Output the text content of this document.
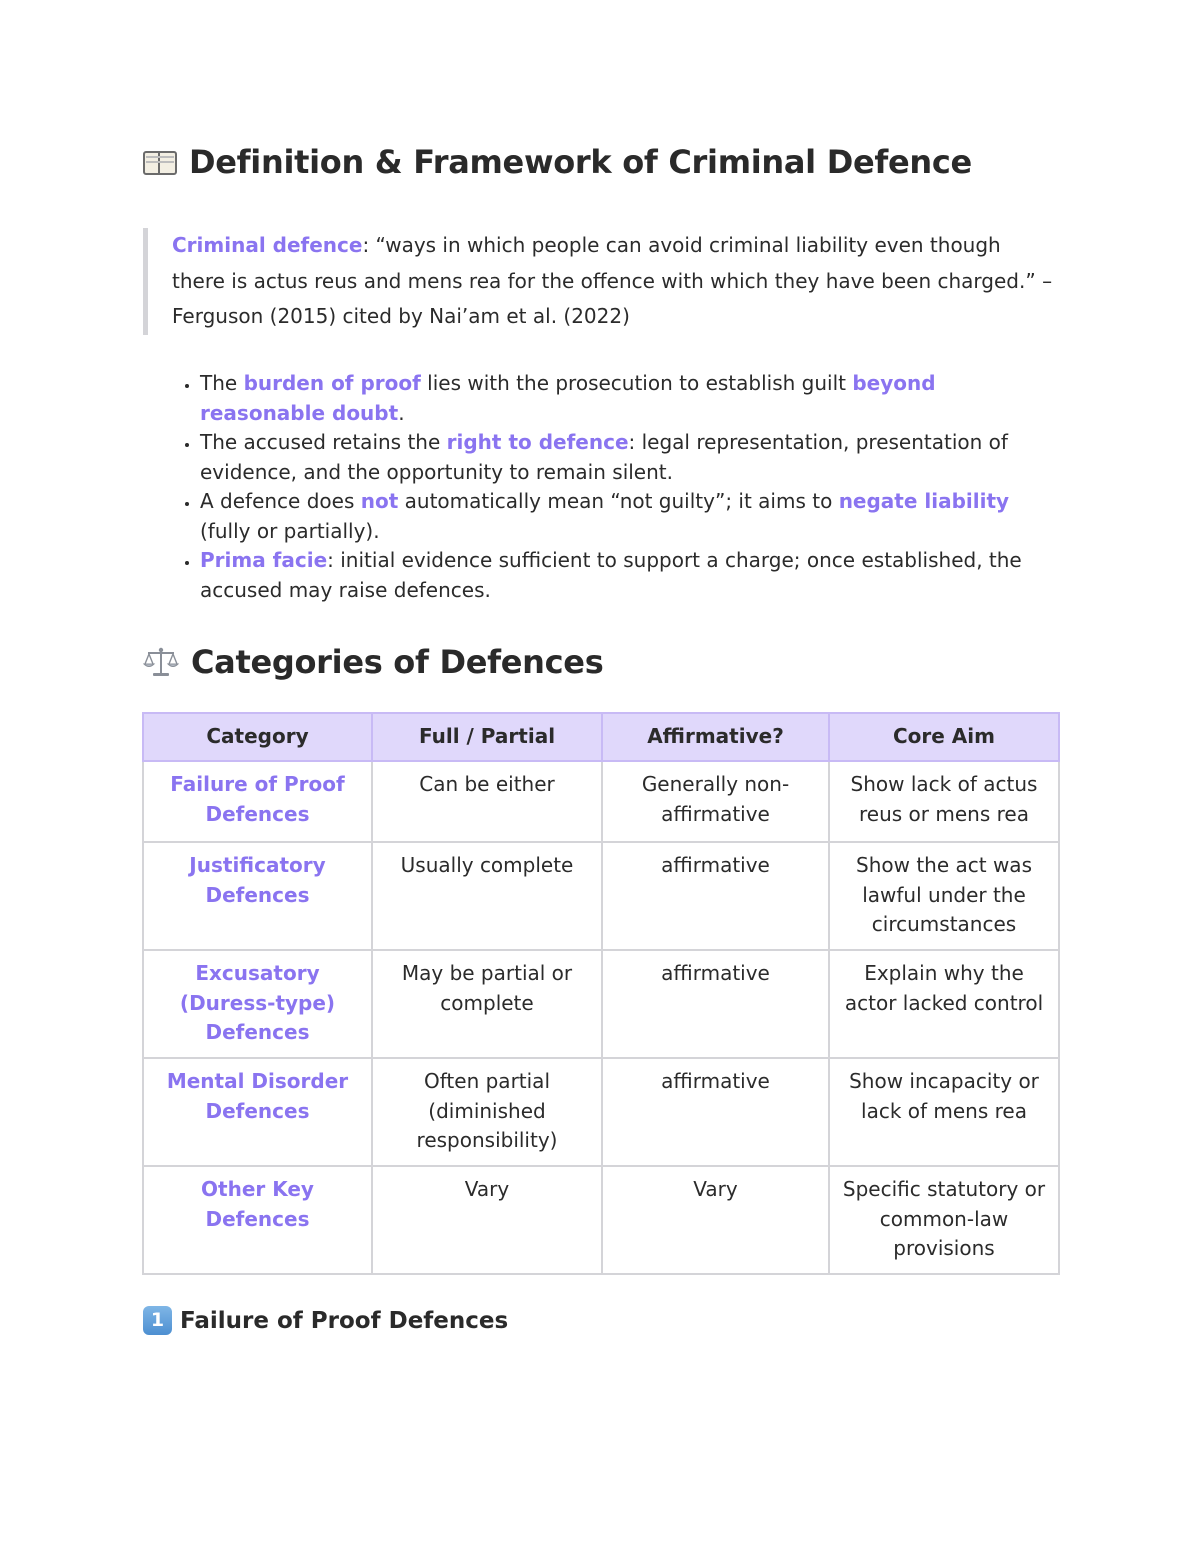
Definition & Framework of Criminal Defence
Criminal defence: “ways in which people can avoid criminal liability even though there is actus reus and mens rea for the offence with which they have been charged.” – Ferguson (2015) cited by Nai’am et al. (2022)
• The burden of proof lies with the prosecution to establish guilt beyond reasonable doubt.
• The accused retains the right to defence: legal representation, presentation of evidence, and the opportunity to remain silent.
• A defence does not automatically mean “not guilty”; it aims to negate liability (fully or partially).
• Prima facie: initial evidence sufficient to support a charge; once established, the accused may raise defences.
Categories of Defences
Category	Full / Partial	Affirmative?	Core Aim
Failure of Proof Defences	Can be either	Generally non-affirmative	Show lack of actus reus or mens rea
Justificatory Defences	Usually complete	affirmative	Show the act was lawful under the circumstances
Excusatory (Duress-type) Defences	May be partial or complete	affirmative	Explain why the actor lacked control
Mental Disorder Defences	Often partial (diminished responsibility)	affirmative	Show incapacity or lack of mens rea
Other Key Defences	Vary	Vary	Specific statutory or common-law provisions
1 Failure of Proof Defences
